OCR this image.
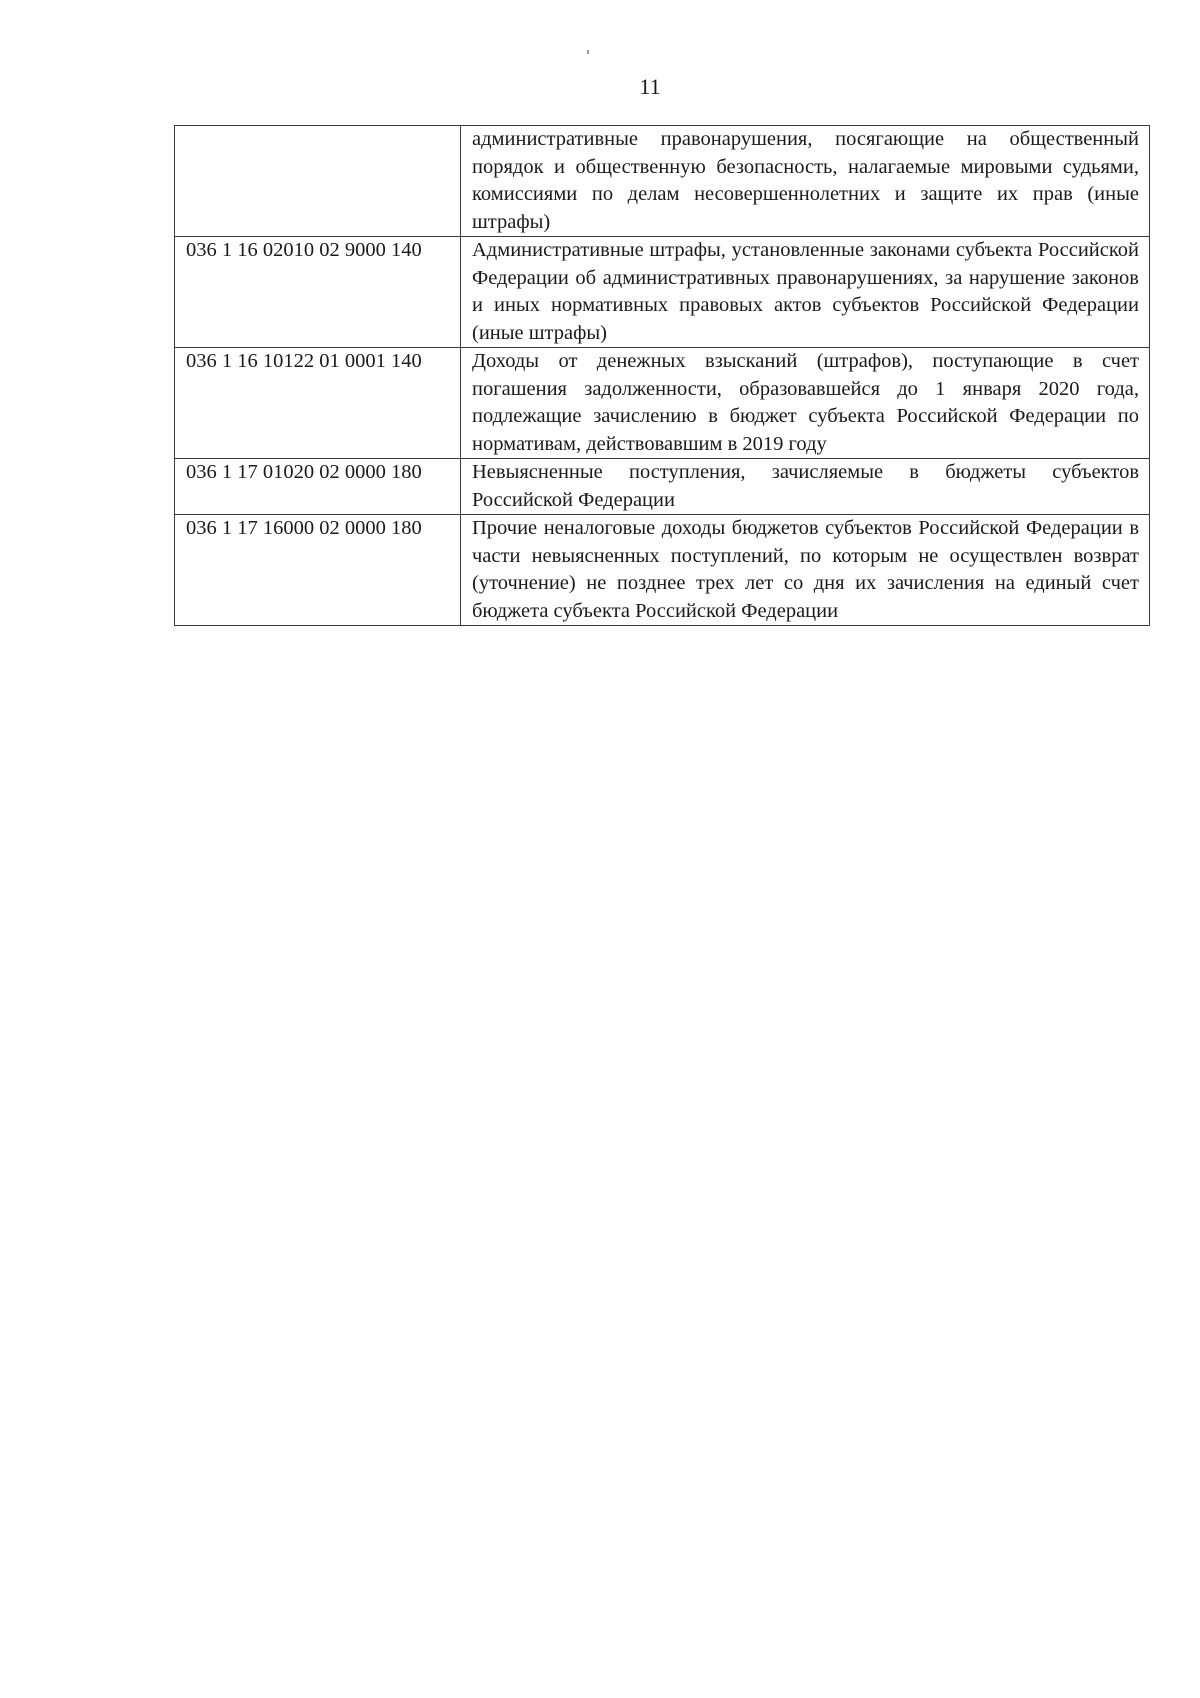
11
	административные правонарушения, посягающие на общественный порядок и общественную безопасность, налагаемые мировыми судьями, комиссиями по делам несовершеннолетних и защите их прав (иные штрафы)
036 1 16 02010 02 9000 140	Административные штрафы, установленные законами субъекта Российской Федерации об административных правонарушениях, за нарушение законов и иных нормативных правовых актов субъектов Российской Федерации (иные штрафы)
036 1 16 10122 01 0001 140	Доходы от денежных взысканий (штрафов), поступающие в счет погашения задолженности, образовавшейся до 1 января 2020 года, подлежащие зачислению в бюджет субъекта Российской Федерации по нормативам, действовавшим в 2019 году
036 1 17 01020 02 0000 180	Невыясненные поступления, зачисляемые в бюджеты субъектов Российской Федерации
036 1 17 16000 02 0000 180	Прочие неналоговые доходы бюджетов субъектов Российской Федерации в части невыясненных поступлений, по которым не осуществлен возврат (уточнение) не позднее трех лет со дня их зачисления на единый счет бюджета субъекта Российской Федерации
